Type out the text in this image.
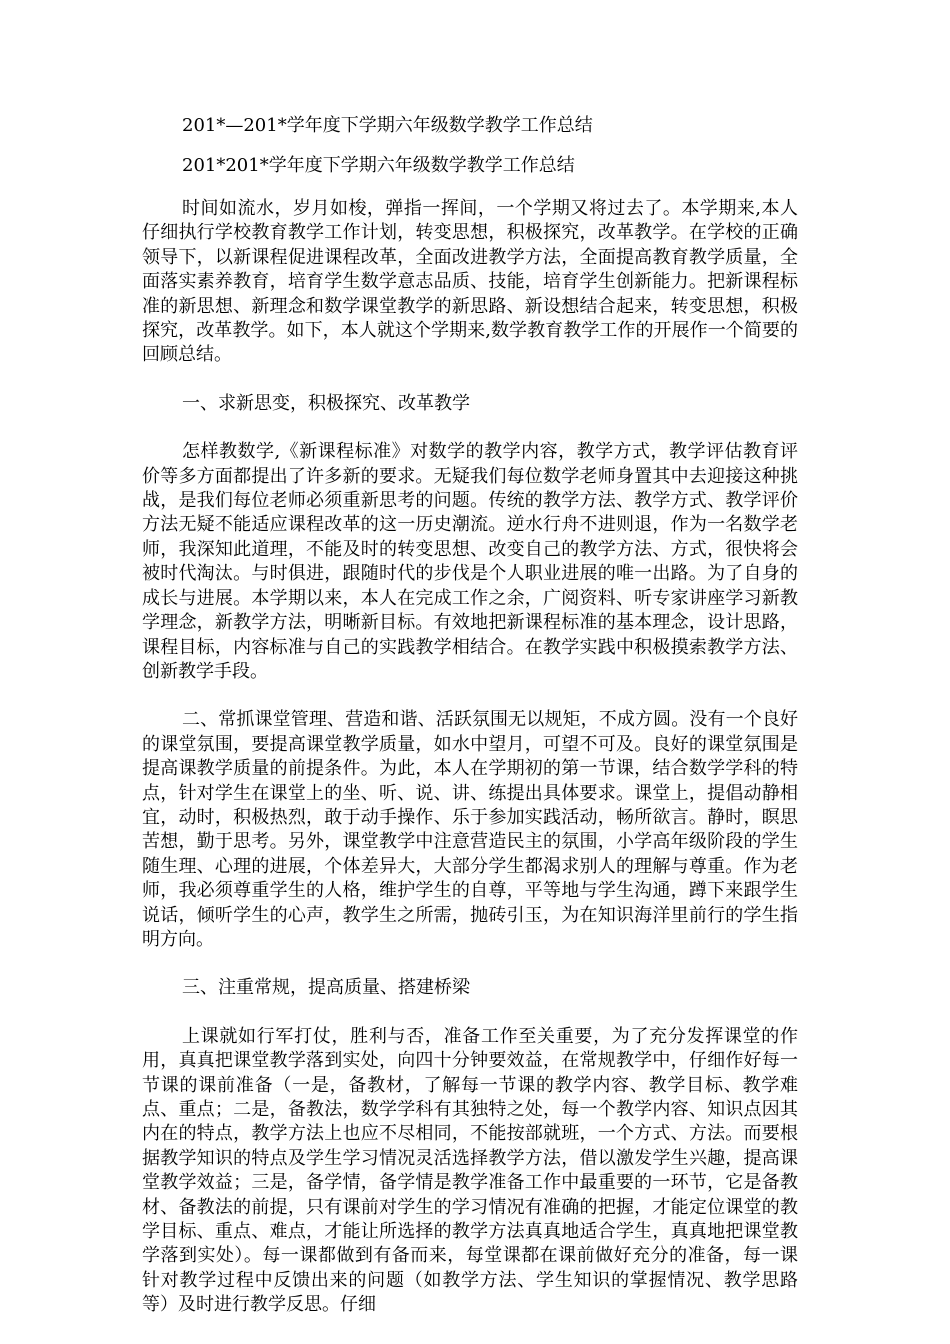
201*—201*学年度下学期六年级数学教学工作总结

201*201*学年度下学期六年级数学教学工作总结

时间如流水，岁月如梭，弹指一挥间，一个学期又将过去了。本学期来,本人仔细执行学校教育教学工作计划，转变思想，积极探究，改革教学。在学校的正确领导下，以新课程促进课程改革，全面改进教学方法，全面提高教育教学质量，全面落实素养教育，培育学生数学意志品质、技能，培育学生创新能力。把新课程标准的新思想、新理念和数学课堂教学的新思路、新设想结合起来，转变思想，积极探究，改革教学。如下，本人就这个学期来,数学教育教学工作的开展作一个简要的回顾总结。

一、求新思变，积极探究、改革教学

怎样教数学,《新课程标准》对数学的教学内容，教学方式，教学评估教育评价等多方面都提出了许多新的要求。无疑我们每位数学老师身置其中去迎接这种挑战，是我们每位老师必须重新思考的问题。传统的教学方法、教学方式、教学评价方法无疑不能适应课程改革的这一历史潮流。逆水行舟不进则退，作为一名数学老师，我深知此道理，不能及时的转变思想、改变自己的教学方法、方式，很快将会被时代淘汰。与时俱进，跟随时代的步伐是个人职业进展的唯一出路。为了自身的成长与进展。本学期以来，本人在完成工作之余，广阅资料、听专家讲座学习新教学理念，新教学方法，明晰新目标。有效地把新课程标准的基本理念，设计思路，课程目标，内容标准与自己的实践教学相结合。在教学实践中积极摸索教学方法、创新教学手段。

二、常抓课堂管理、营造和谐、活跃氛围无以规矩，不成方圆。没有一个良好的课堂氛围，要提高课堂教学质量，如水中望月，可望不可及。良好的课堂氛围是提高课教学质量的前提条件。为此，本人在学期初的第一节课，结合数学学科的特点，针对学生在课堂上的坐、听、说、讲、练提出具体要求。课堂上，提倡动静相宜，动时，积极热烈，敢于动手操作、乐于参加实践活动，畅所欲言。静时，瞑思苦想，勤于思考。另外，课堂教学中注意营造民主的氛围，小学高年级阶段的学生随生理、心理的进展，个体差异大，大部分学生都渴求别人的理解与尊重。作为老师，我必须尊重学生的人格，维护学生的自尊，平等地与学生沟通，蹲下来跟学生说话，倾听学生的心声，教学生之所需，抛砖引玉，为在知识海洋里前行的学生指明方向。

三、注重常规，提高质量、搭建桥梁

上课就如行军打仗，胜利与否，准备工作至关重要，为了充分发挥课堂的作用，真真把课堂教学落到实处，向四十分钟要效益，在常规教学中，仔细作好每一节课的课前准备（一是，备教材，了解每一节课的教学内容、教学目标、教学难点、重点；二是，备教法，数学学科有其独特之处，每一个教学内容、知识点因其内在的特点，教学方法上也应不尽相同，不能按部就班，一个方式、方法。而要根据教学知识的特点及学生学习情况灵活选择教学方法，借以激发学生兴趣，提高课堂教学效益；三是，备学情，备学情是教学准备工作中最重要的一环节，它是备教材、备教法的前提，只有课前对学生的学习情况有准确的把握，才能定位课堂的教学目标、重点、难点，才能让所选择的教学方法真真地适合学生，真真地把课堂教学落到实处）。每一课都做到有备而来，每堂课都在课前做好充分的准备，每一课针对教学过程中反馈出来的问题（如教学方法、学生知识的掌握情况、教学思路等）及时进行教学反思。仔细
